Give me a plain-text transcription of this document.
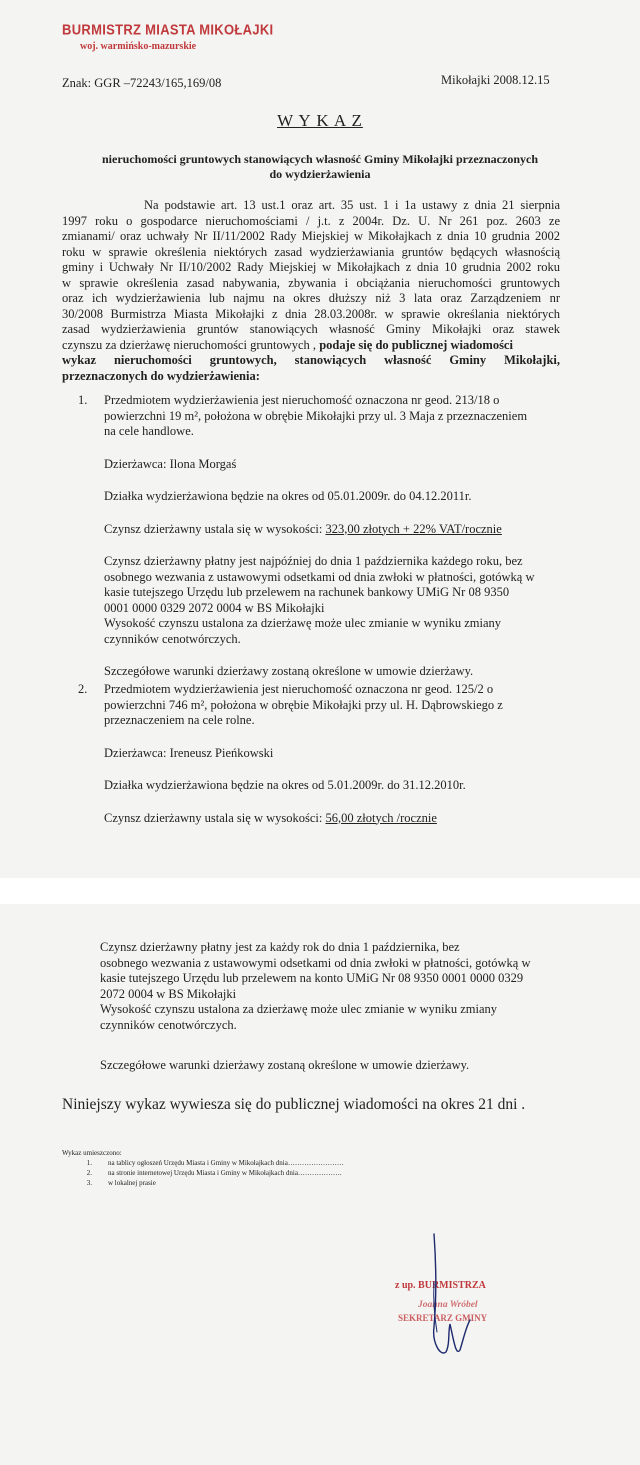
BURMISTRZ MIASTA MIKOŁAJKI
woj. warmińsko-mazurskie
Znak: GGR –72243/165,169/08	Mikołajki 2008.12.15
W Y K A Z
nieruchomości gruntowych stanowiących własność Gminy Mikołajki przeznaczonych
do wydzierżawienia
Na podstawie art. 13 ust.1 oraz art. 35 ust. 1 i 1a ustawy z dnia 21 sierpnia
1997 roku o gospodarce nieruchomościami / j.t. z 2004r. Dz. U. Nr 261 poz. 2603 ze
zmianami/ oraz uchwały Nr II/11/2002 Rady Miejskiej w Mikołajkach z dnia 10 grudnia 2002
roku w sprawie określenia niektórych zasad wydzierżawiania gruntów będących własnością
gminy i Uchwały Nr II/10/2002 Rady Miejskiej w Mikołajkach z dnia 10 grudnia 2002 roku
w sprawie określenia zasad nabywania, zbywania i obciążania nieruchomości gruntowych
oraz ich wydzierżawienia lub najmu na okres dłuższy niż 3 lata oraz Zarządzeniem nr
30/2008 Burmistrza Miasta Mikołajki z dnia 28.03.2008r. w sprawie określania niektórych
zasad wydzierżawienia gruntów stanowiących własność Gminy Mikołajki oraz stawek
czynszu za dzierżawę nieruchomości gruntowych , podaje się do publicznej wiadomości
wykaz nieruchomości gruntowych, stanowiących własność Gminy Mikołajki,
przeznaczonych do wydzierżawienia:
1. Przedmiotem wydzierżawienia jest nieruchomość oznaczona nr geod. 213/18 o
powierzchni 19 m², położona w obrębie Mikołajki przy ul. 3 Maja z przeznaczeniem
na cele handlowe.
Dzierżawca: Ilona Morgaś
Działka wydzierżawiona będzie na okres od 05.01.2009r. do 04.12.2011r.
Czynsz dzierżawny ustala się w wysokości: 323,00 złotych + 22% VAT/rocznie
Czynsz dzierżawny płatny jest najpóźniej do dnia 1 października każdego roku, bez
osobnego wezwania z ustawowymi odsetkami od dnia zwłoki w płatności, gotówką w
kasie tutejszego Urzędu lub przelewem na rachunek bankowy UMiG Nr 08 9350
0001 0000 0329 2072 0004 w BS Mikołajki
Wysokość czynszu ustalona za dzierżawę może ulec zmianie w wyniku zmiany
czynników cenotwórczych.
Szczegółowe warunki dzierżawy zostaną określone w umowie dzierżawy.
2. Przedmiotem wydzierżawienia jest nieruchomość oznaczona nr geod. 125/2 o
powierzchni 746 m², położona w obrębie Mikołajki przy ul. H. Dąbrowskiego z
przeznaczeniem na cele rolne.
Dzierżawca: Ireneusz Pieńkowski
Działka wydzierżawiona będzie na okres od 5.01.2009r. do 31.12.2010r.
Czynsz dzierżawny ustala się w wysokości: 56,00 złotych /rocznie
Czynsz dzierżawny płatny jest za każdy rok do dnia 1 października, bez
osobnego wezwania z ustawowymi odsetkami od dnia zwłoki w płatności, gotówką w
kasie tutejszego Urzędu lub przelewem na konto UMiG Nr 08 9350 0001 0000 0329
2072 0004 w BS Mikołajki
Wysokość czynszu ustalona za dzierżawę może ulec zmianie w wyniku zmiany
czynników cenotwórczych.
Szczegółowe warunki dzierżawy zostaną określone w umowie dzierżawy.
Niniejszy wykaz wywiesza się do publicznej wiadomości na okres 21 dni .
Wykaz umieszczono:
1.	na tablicy ogłoszeń Urzędu Miasta i Gminy w Mikołajkach dnia……………………
2.	na stronie internetowej Urzędu Miasta i Gminy w Mikołajkach dnia……………….
3.	w lokalnej prasie
z up. BURMISTRZA
Joanna Wróbel
SEKRETARZ GMINY
